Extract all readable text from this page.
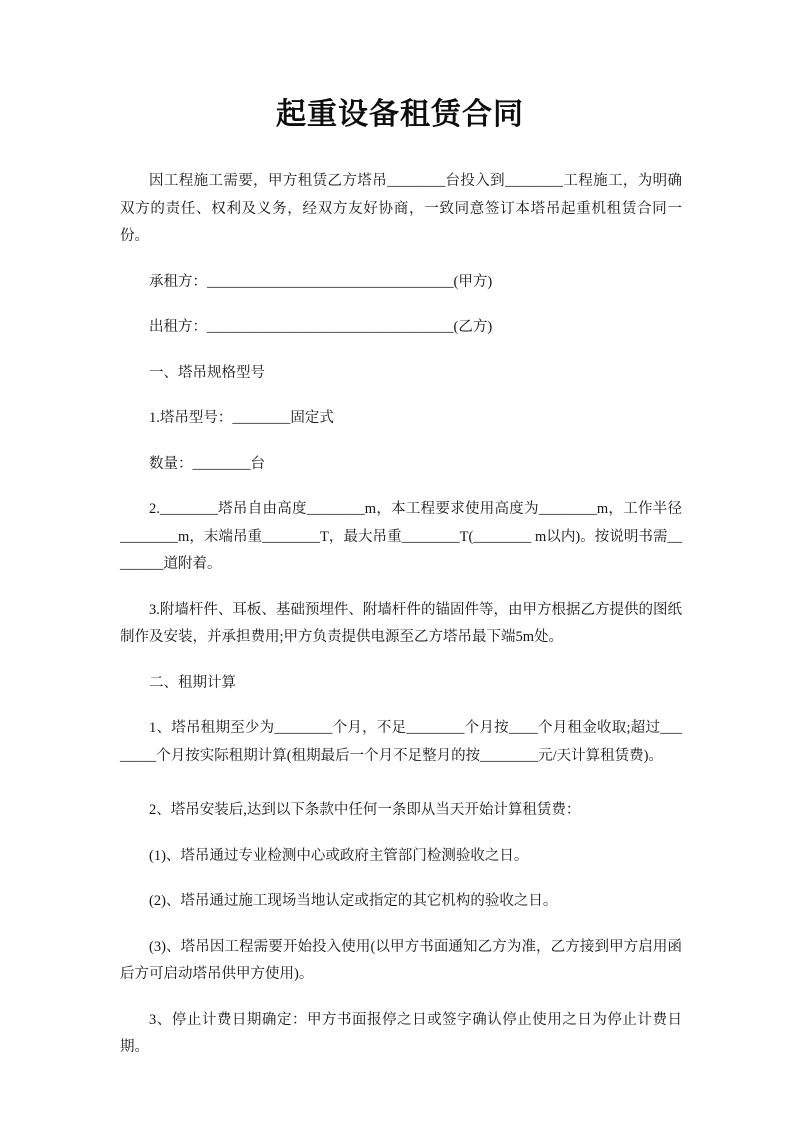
起重设备租赁合同

因工程施工需要，甲方租赁乙方塔吊________台投入到________工程施工，为明确双方的责任、权利及义务，经双方友好协商，一致同意签订本塔吊起重机租赁合同一份。

承租方：__________________________________(甲方)

出租方：__________________________________(乙方)

一、塔吊规格型号

1.塔吊型号：________固定式

数量：________台

2.________塔吊自由高度________m，本工程要求使用高度为________m，工作半径________m，末端吊重________T，最大吊重________T(________ m以内)。按说明书需________道附着。

3.附墙杆件、耳板、基础预埋件、附墙杆件的锚固件等，由甲方根据乙方提供的图纸制作及安装，并承担费用;甲方负责提供电源至乙方塔吊最下端5m处。

二、租期计算

1、塔吊租期至少为________个月，不足________个月按____个月租金收取;超过________个月按实际租期计算(租期最后一个月不足整月的按________元/天计算租赁费)。

2、塔吊安装后,达到以下条款中任何一条即从当天开始计算租赁费：

(1)、塔吊通过专业检测中心或政府主管部门检测验收之日。

(2)、塔吊通过施工现场当地认定或指定的其它机构的验收之日。

(3)、塔吊因工程需要开始投入使用(以甲方书面通知乙方为准，乙方接到甲方启用函后方可启动塔吊供甲方使用)。

3、停止计费日期确定：甲方书面报停之日或签字确认停止使用之日为停止计费日期。
